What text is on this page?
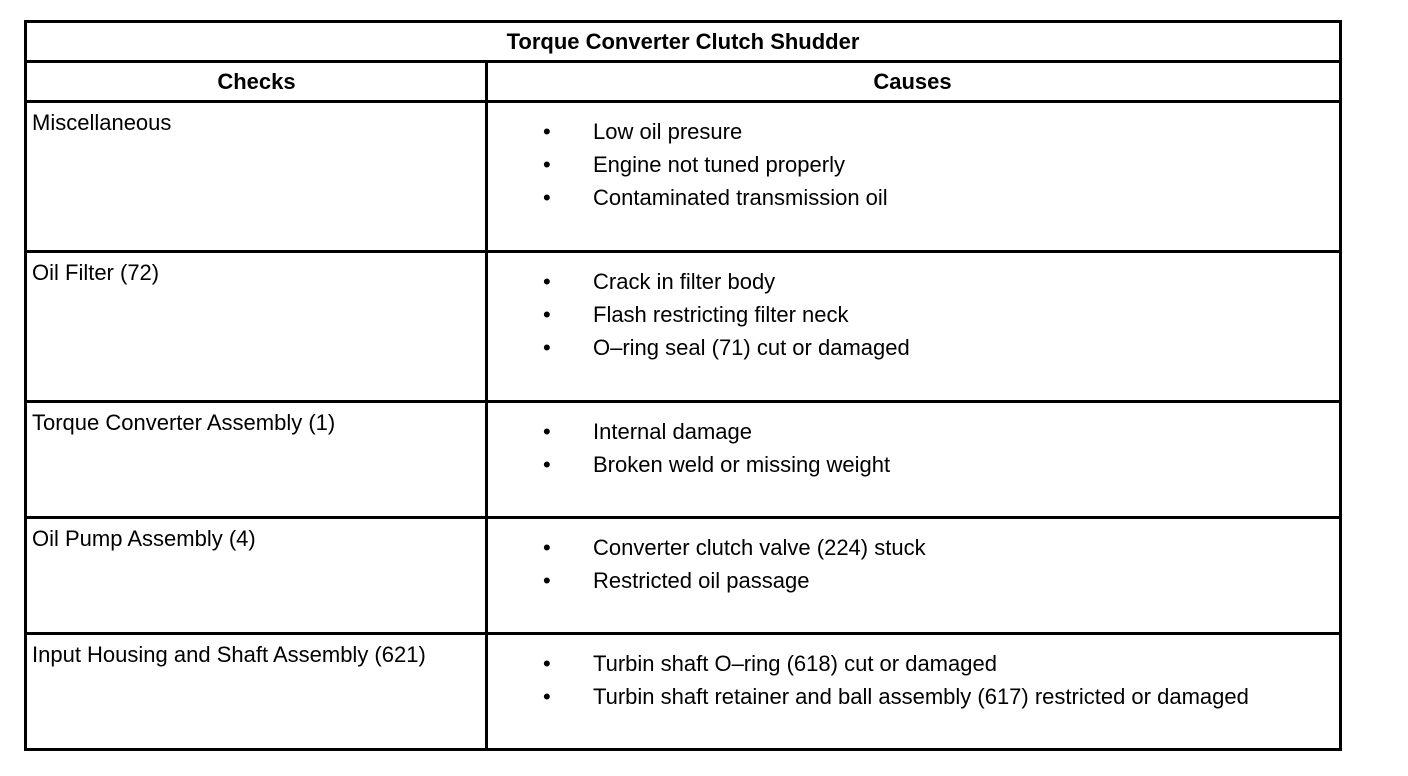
Torque Converter Clutch Shudder
Checks	Causes
Miscellaneous	• Low oil presure
• Engine not tuned properly
• Contaminated transmission oil
Oil Filter (72)	• Crack in filter body
• Flash restricting filter neck
• O–ring seal (71) cut or damaged
Torque Converter Assembly (1)	• Internal damage
• Broken weld or missing weight
Oil Pump Assembly (4)	• Converter clutch valve (224) stuck
• Restricted oil passage
Input Housing and Shaft Assembly (621)	• Turbin shaft O–ring (618) cut or damaged
• Turbin shaft retainer and ball assembly (617) restricted or damaged
